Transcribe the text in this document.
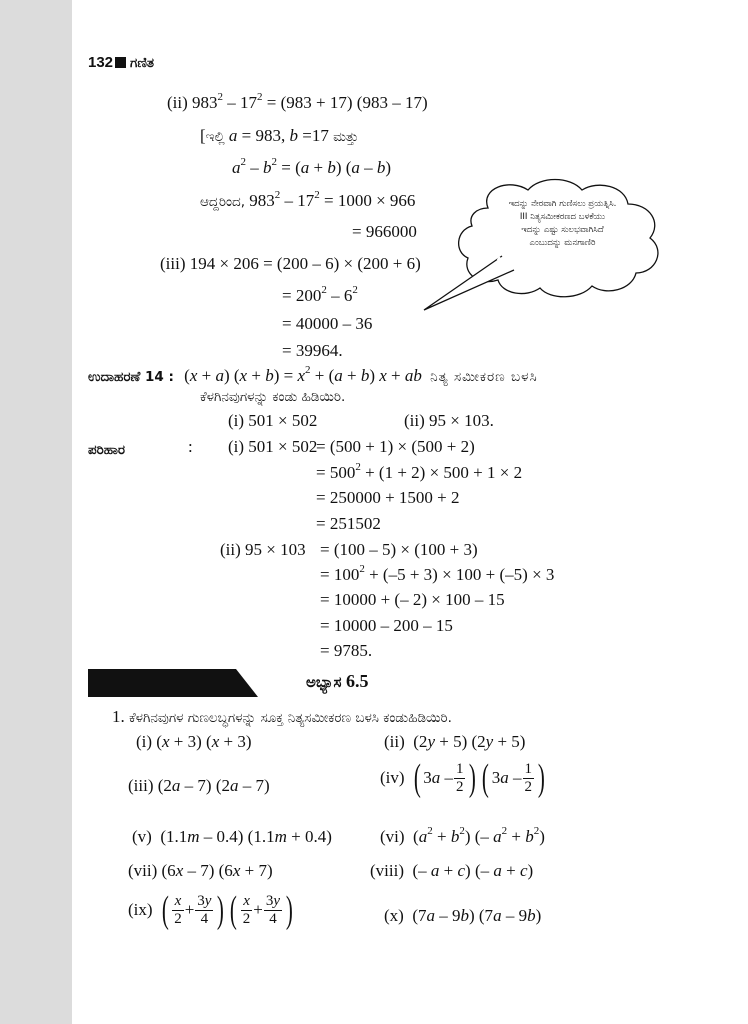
132 ಗಣಿತ
(ii) $983^2 - 17^2 = (983 + 17)$ (983 – 17)
[ಇಲ್ಲಿ a = 983, b =17 ಮತ್ತು
$a^2 - b^2 = (a + b)$ (a – b)
ಆದ್ದರಿಂದ, $983^2 - 17^2 = 1000 \times 966$
= 966000
(iii) 194 × 206 = (200 – 6) × (200 + 6)
= $200^2 - 6^2$
= 40000 – 36
= 39964.
ಇದನ್ನು ನೇರವಾಗಿ ಗುಣಿಸಲು ಪ್ರಯತ್ನಿಸಿ.
III ನಿತ್ಯಸಮೀಕರಣದ ಬಳಕೆಯು
ಇದನ್ನು ಎಷ್ಟು ಸುಲಭವಾಗಿಸಿದೆ
ಎಂಬುದನ್ನು ಮನಗಾಣಿರಿ
ಉದಾಹರಣೆ 14 : (x + a) $(x + b) = x^2 + (a + b) x$ + ab ನಿತ್ಯ ಸಮೀಕರಣ ಬಳಸಿ
ಕೆಳಗಿನವುಗಳನ್ನು ಕಂಡು ಹಿಡಿಯಿರಿ.
(i) 501 × 502	(ii) 95 × 103.
ಪರಿಹಾರ	: (i) 501 × 502
= (500 + 1) × (500 + 2)
= $500^2 + (1 + 2) \times 500 + 1 \times 2$
= 250000 + 1500 + 2
= 251502
(ii) 95 × 103 = (100 – 5) × (100 + 3)
= $100^2 + (-5 + 3) \times 100 + (-5) \times 3$
= 10000 + (– 2) × 100 – 15
= 10000 – 200 – 15
= 9785.
ಅಭ್ಯಾಸ 6.5
1. ಕೆಳಗಿನವುಗಳ ಗುಣಲಬ್ಧಗಳನ್ನು ಸೂಕ್ತ ನಿತ್ಯಸಮೀಕರಣ ಬಳಸಿ ಕಂಡುಹಿಡಿಯಿರಿ.
(i) (x + 3) (x + 3)	(ii)  (2y + 5) (2y + 5)
(iii) (2a – 7) (2a – 7)	(iv) ( $3a - \frac{1}{2}$ ) ( $3a - \frac{1}{2}$ )
(v)  (1.1m – 0.4) (1.1m + 0.4)	(vi)  $(a^2 + b^2)$ (– $a^2 + b^2$)
(vii) (6x – 7) (6x + 7)	(viii)  (– a + c) (– a + c)
(ix) ( $\frac{x}{2} + \frac{3y}{4}$ ) ( $\frac{x}{2} + \frac{3y}{4}$ )	(x)  (7a – 9b) (7a – 9b)
